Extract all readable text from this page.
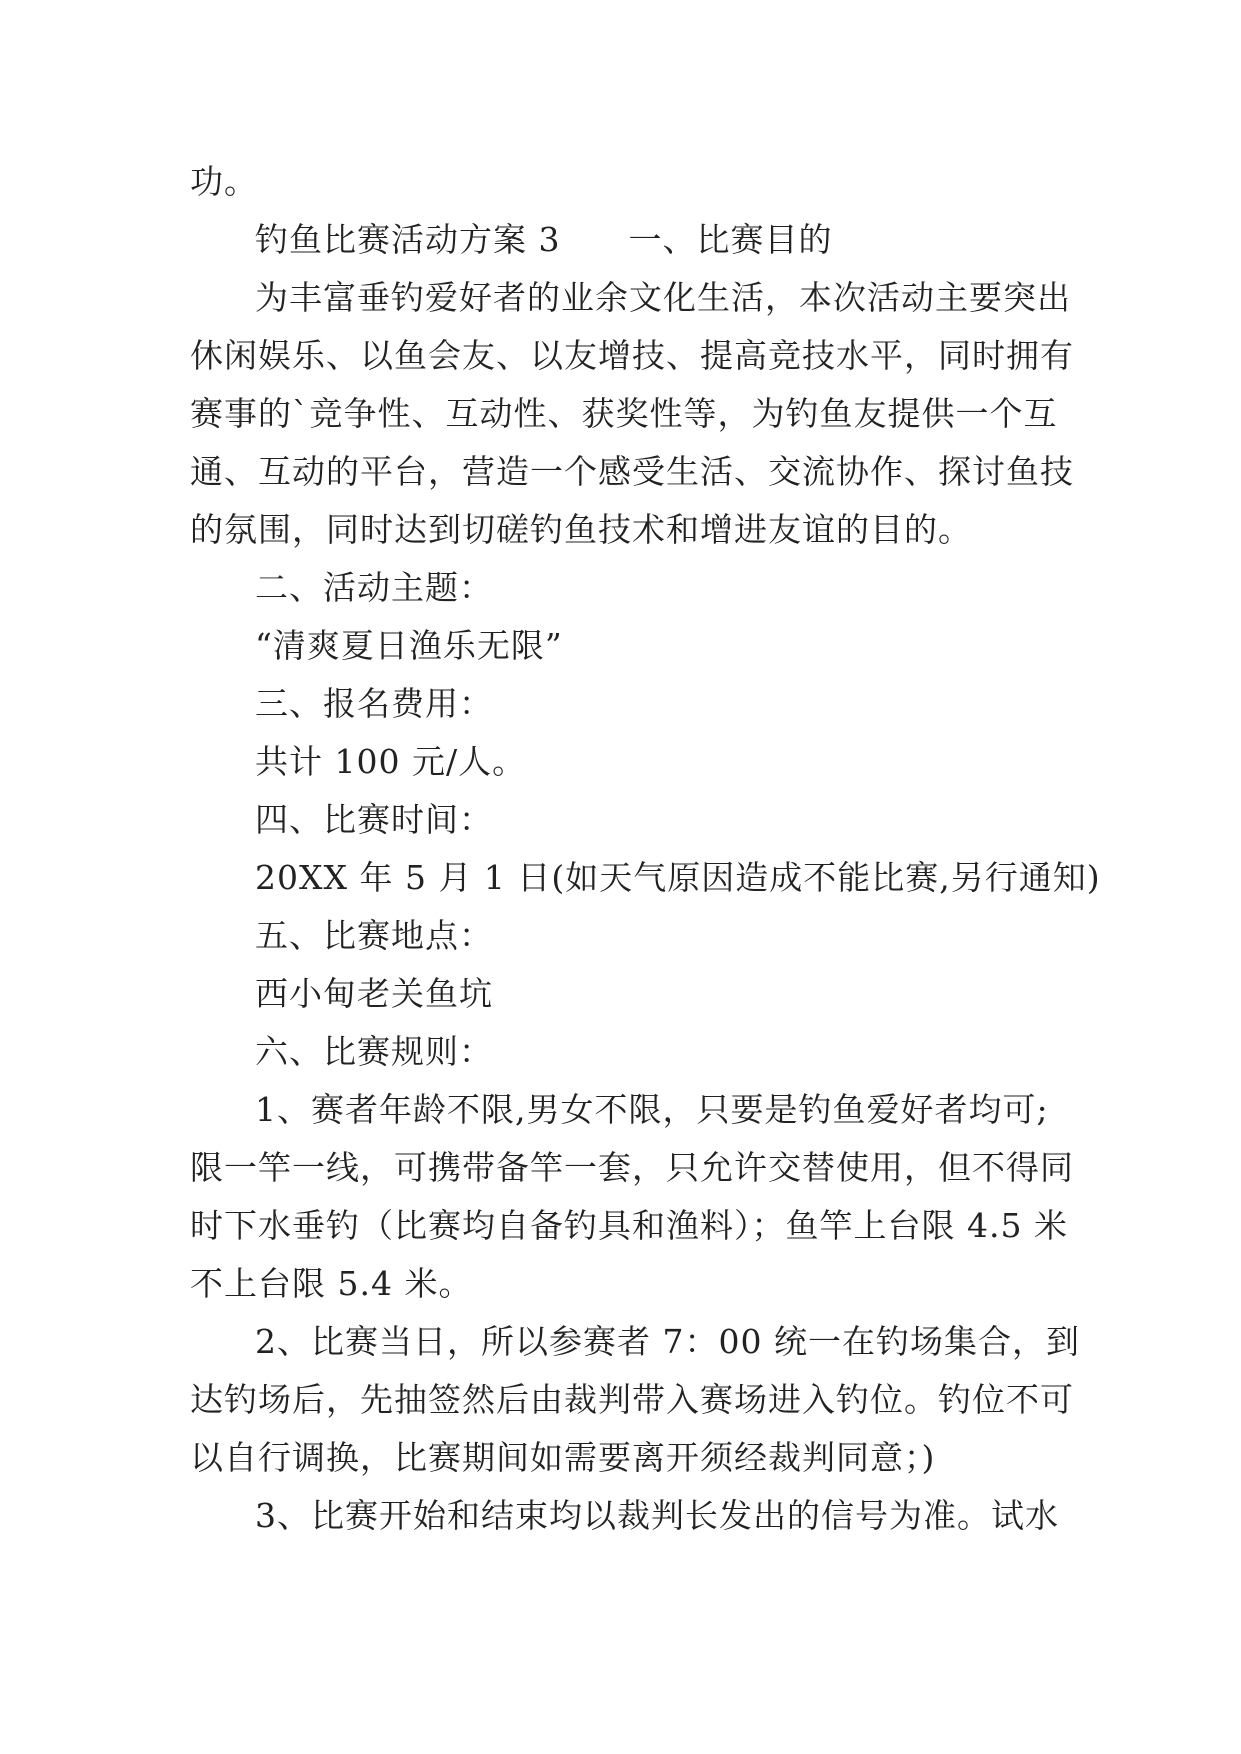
功。
钓鱼比赛活动方案 3　　一、比赛目的
为丰富垂钓爱好者的业余文化生活，本次活动主要突出
休闲娱乐、以鱼会友、以友增技、提高竞技水平，同时拥有
赛事的`竞争性、互动性、获奖性等，为钓鱼友提供一个互
通、互动的平台，营造一个感受生活、交流协作、探讨鱼技
的氛围，同时达到切磋钓鱼技术和增进友谊的目的。
二、活动主题：
“清爽夏日渔乐无限”
三、报名费用：
共计 100 元/人。
四、比赛时间：
20XX 年 5 月 1 日(如天气原因造成不能比赛,另行通知)
五、比赛地点：
西小甸老关鱼坑
六、比赛规则：
1、赛者年龄不限,男女不限，只要是钓鱼爱好者均可;
限一竿一线，可携带备竿一套，只允许交替使用，但不得同
时下水垂钓（比赛均自备钓具和渔料）；鱼竿上台限 4.5 米
不上台限 5.4 米。
2、比赛当日，所以参赛者 7：00 统一在钓场集合，到
达钓场后，先抽签然后由裁判带入赛场进入钓位。钓位不可
以自行调换，比赛期间如需要离开须经裁判同意；)
3、比赛开始和结束均以裁判长发出的信号为准。试水
